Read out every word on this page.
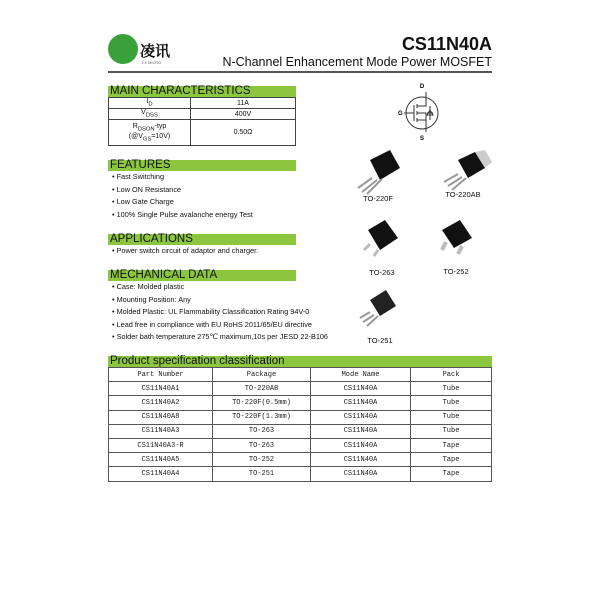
凌讯
LX MICRO
CS11N40A
N-Channel Enhancement Mode Power MOSFET
MAIN CHARACTERISTICS
$I_D$	11A
$V_{DSS}$	400V
$R_{DSON}$-typ
$(@V_{GS}=10V)$	0.50Ω
D
G
S
FEATURES
• Fast Switching
• Low ON Resistance
• Low Gate Charge
• 100% Single Pulse avalanche energy Test
APPLICATIONS
• Power switch circuit of adaptor and charger.
MECHANICAL DATA
• Case: Molded plastic
• Mounting Position: Any
• Molded Plastic: UL Flammability Classification Rating 94V-0
• Lead free in compliance with EU RoHS 2011/65/EU directive
• Solder bath temperature 275℃ maximum,10s per JESD 22-B106
TO-220F	TO-220AB
TO-263	TO-252
TO-251
Product specification classification
Part Number	Package	Mode Name	Pack
CS11N40A1	TO-220AB	CS11N40A	Tube
CS11N40A2	TO-220F(0.5mm)	CS11N40A	Tube
CS11N40A8	TO-220F(1.3mm)	CS11N40A	Tube
CS11N40A3	TO-263	CS11N40A	Tube
CS11N40A3-R	TO-263	CS11N40A	Tape
CS11N40A5	TO-252	CS11N40A	Tape
CS11N40A4	TO-251	CS11N40A	Tape
